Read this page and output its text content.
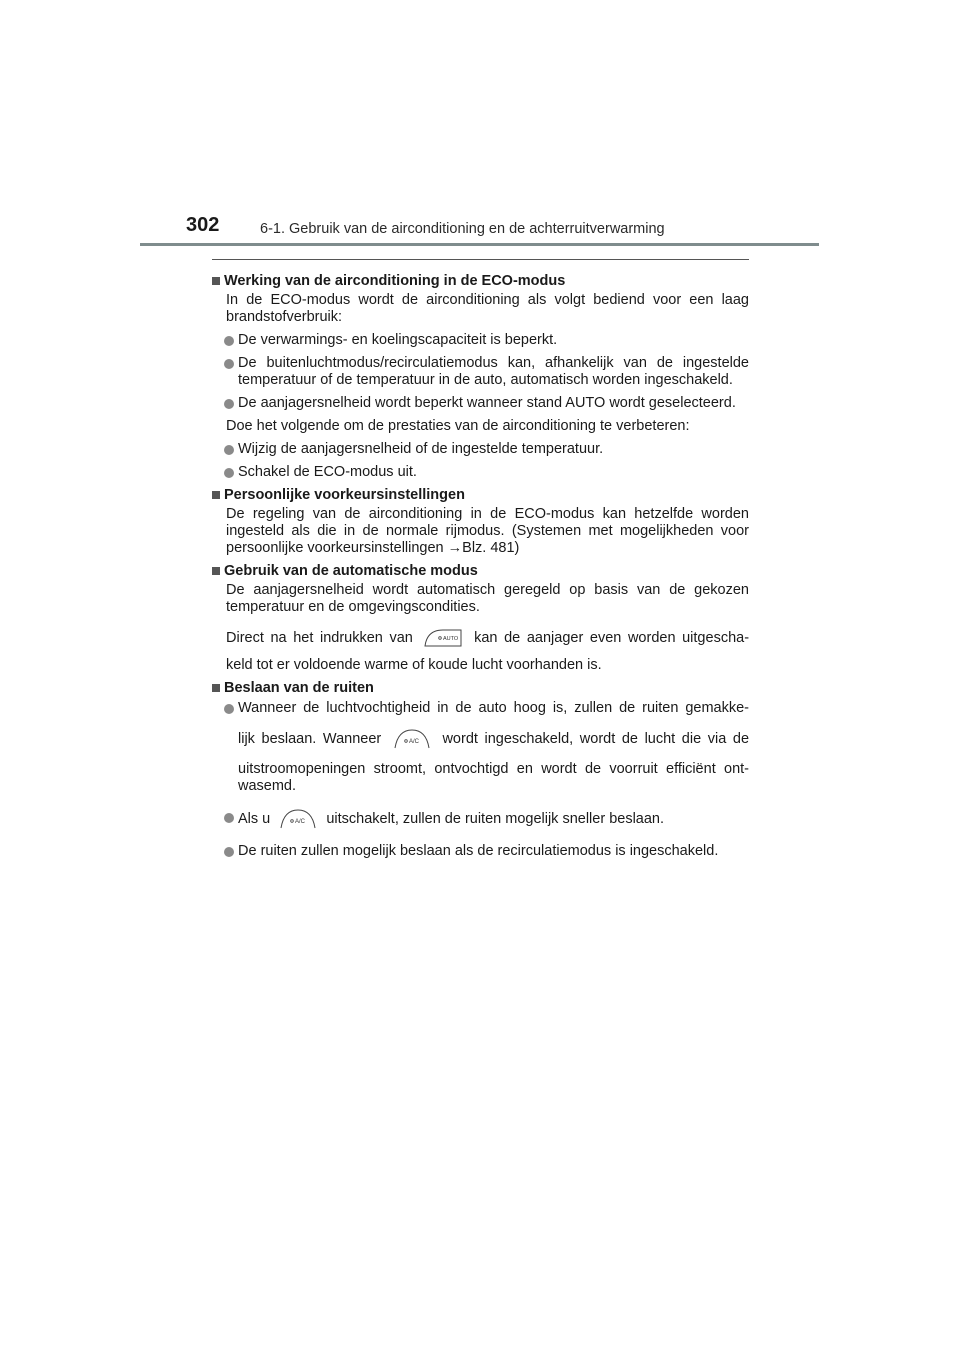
302	6-1. Gebruik van de airconditioning en de achterruitverwarming
Werking van de airconditioning in de ECO-modus
In de ECO-modus wordt de airconditioning als volgt bediend voor een laag brandstofverbruik:
De verwarmings- en koelingscapaciteit is beperkt.
De buitenluchtmodus/recirculatiemodus kan, afhankelijk van de ingestelde temperatuur of de temperatuur in de auto, automatisch worden ingeschakeld.
De aanjagersnelheid wordt beperkt wanneer stand AUTO wordt geselecteerd.
Doe het volgende om de prestaties van de airconditioning te verbeteren:
Wijzig de aanjagersnelheid of de ingestelde temperatuur.
Schakel de ECO-modus uit.
Persoonlijke voorkeursinstellingen
De regeling van de airconditioning in de ECO-modus kan hetzelfde worden ingesteld als die in de normale rijmodus. (Systemen met mogelijkheden voor persoonlijke voorkeursinstellingen →Blz. 481)
Gebruik van de automatische modus
De aanjagersnelheid wordt automatisch geregeld op basis van de gekozen temperatuur en de omgevingscondities.
Direct na het indrukken van	AUTO kan de aanjager even worden uitgescha-
keld tot er voldoende warme of koude lucht voorhanden is.
Beslaan van de ruiten
Wanneer de luchtvochtigheid in de auto hoog is, zullen de ruiten gemakke-
lijk beslaan. Wanneer	A/C wordt ingeschakeld, wordt de lucht die via de
uitstroomopeningen stroomt, ontvochtigd en wordt de voorruit efficiënt ont-wasemd.
Als u	A/C uitschakelt, zullen de ruiten mogelijk sneller beslaan.
De ruiten zullen mogelijk beslaan als de recirculatiemodus is ingeschakeld.
